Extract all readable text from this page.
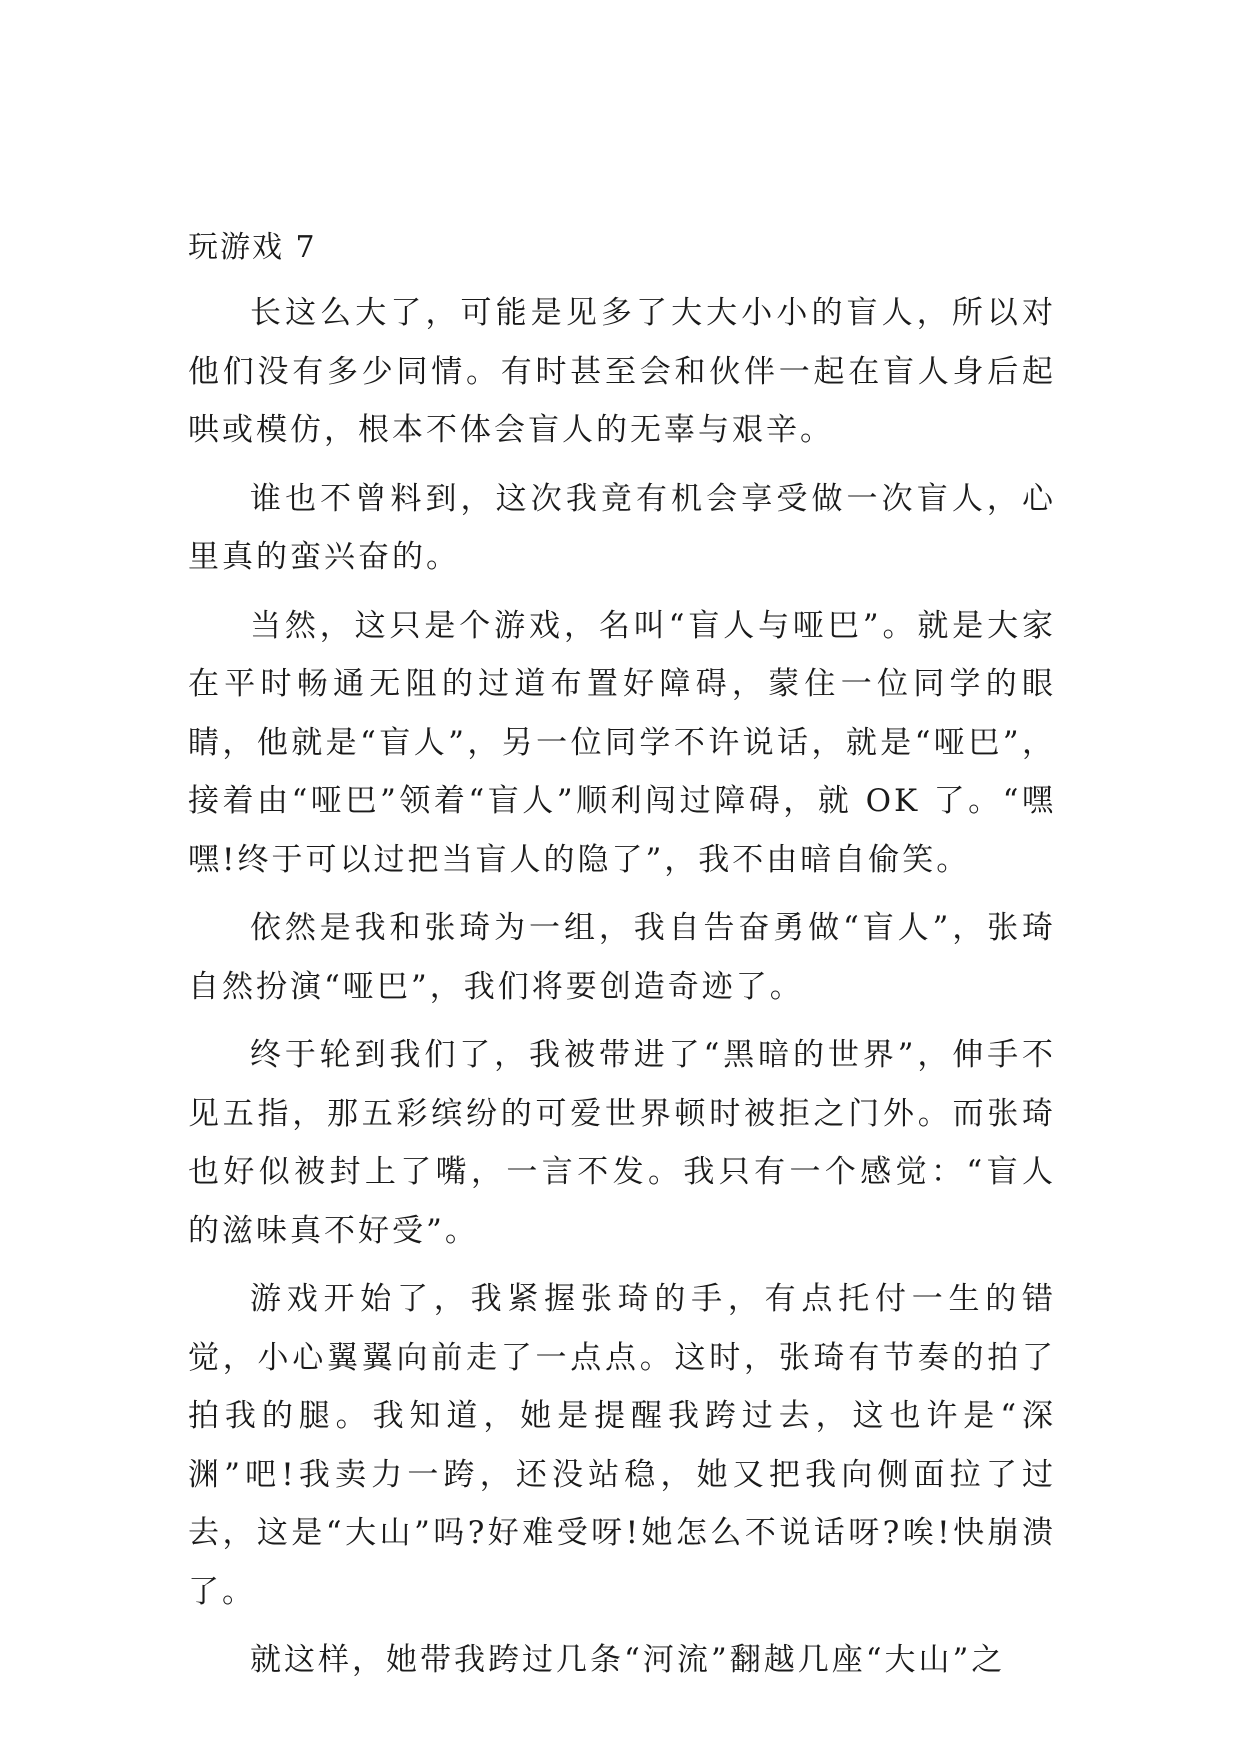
玩游戏 7

长这么大了，可能是见多了大大小小的盲人，所以对他们没有多少同情。有时甚至会和伙伴一起在盲人身后起哄或模仿，根本不体会盲人的无辜与艰辛。

谁也不曾料到，这次我竟有机会享受做一次盲人，心里真的蛮兴奋的。

当然，这只是个游戏，名叫“盲人与哑巴”。就是大家在平时畅通无阻的过道布置好障碍，蒙住一位同学的眼睛，他就是“盲人”，另一位同学不许说话，就是“哑巴”， 接着由“哑巴”领着“盲人”顺利闯过障碍，就 OK 了。“嘿嘿!终于可以过把当盲人的隐了”，我不由暗自偷笑。

依然是我和张琦为一组，我自告奋勇做“盲人”，张琦自然扮演“哑巴”，我们将要创造奇迹了。

终于轮到我们了，我被带进了“黑暗的世界”，伸手不见五指，那五彩缤纷的可爱世界顿时被拒之门外。而张琦也好似被封上了嘴，一言不发。我只有一个感觉：“盲人的滋味真不好受”。

游戏开始了，我紧握张琦的手，有点托付一生的错觉，小心翼翼向前走了一点点。这时，张琦有节奏的拍了拍我的腿。我知道，她是提醒我跨过去，这也许是“深渊”吧!我卖力一跨，还没站稳，她又把我向侧面拉了过去，这是“大山”吗?好难受呀!她怎么不说话呀?唉!快崩溃了。

就这样，她带我跨过几条“河流”翻越几座“大山”之
